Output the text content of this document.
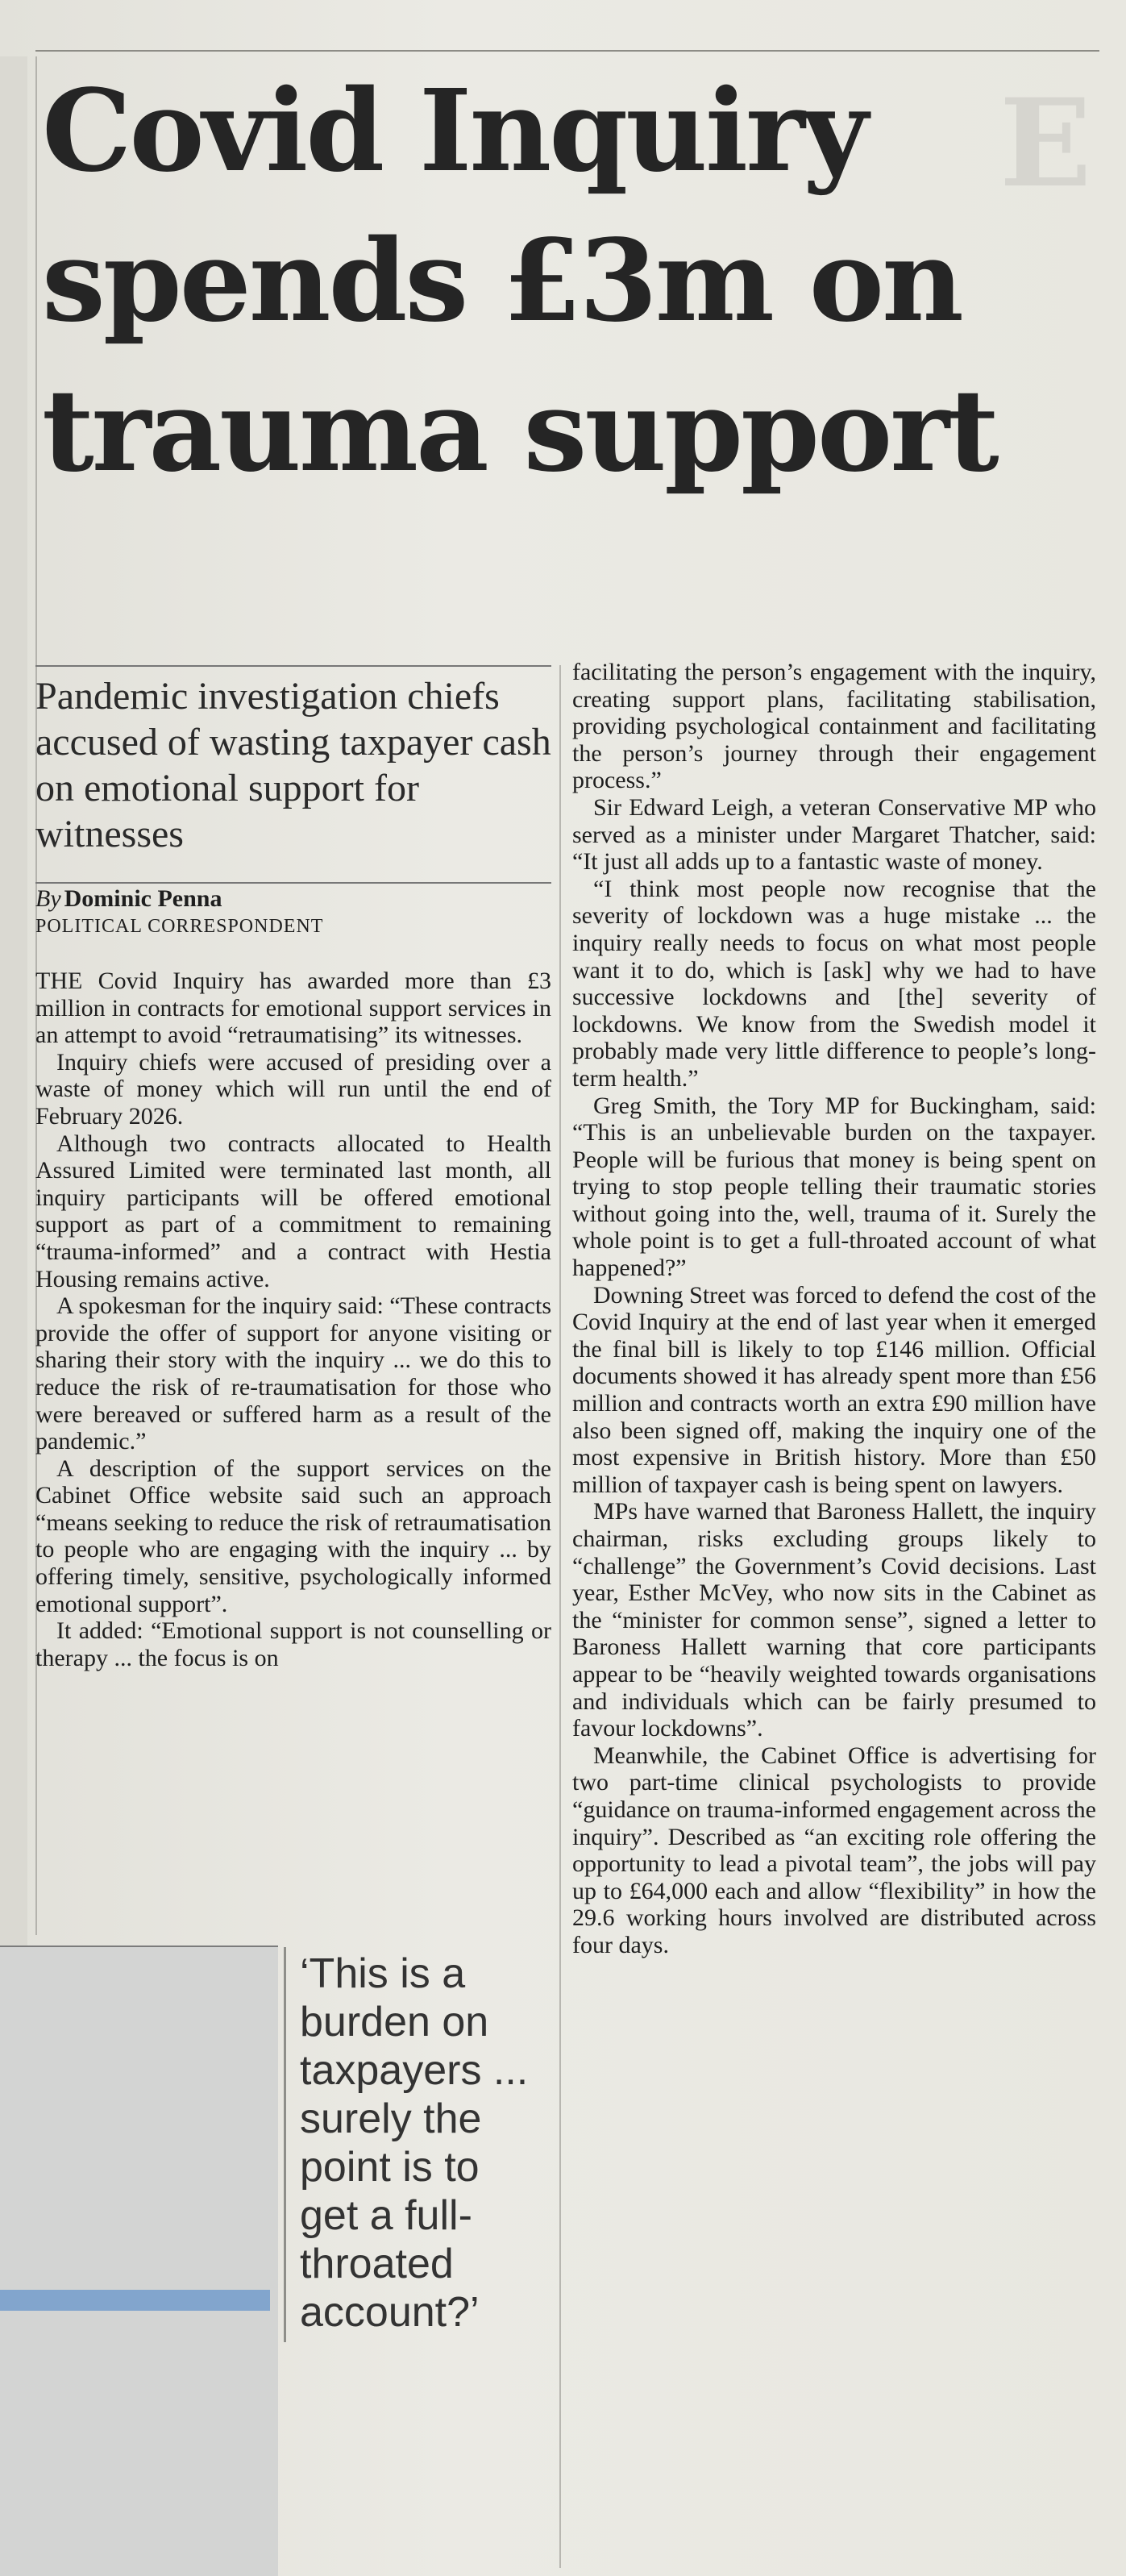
E
Covid Inquiry
spends £3m on
trauma support
Pandemic investigation chiefs accused of wasting taxpayer cash on emotional support for witnesses
By Dominic Penna
POLITICAL CORRESPONDENT

THE Covid Inquiry has awarded more than £3 million in contracts for emotional support services in an attempt to avoid “retraumatising” its witnesses.

Inquiry chiefs were accused of presiding over a waste of money which will run until the end of February 2026.

Although two contracts allocated to Health Assured Limited were terminated last month, all inquiry participants will be offered emotional support as part of a commitment to remaining “trauma-informed” and a contract with Hestia Housing remains active.

A spokesman for the inquiry said: “These contracts provide the offer of support for anyone visiting or sharing their story with the inquiry ... we do this to reduce the risk of re-traumatisation for those who were bereaved or suffered harm as a result of the pandemic.”

A description of the support services on the Cabinet Office website said such an approach “means seeking to reduce the risk of retraumatisation to people who are engaging with the inquiry ... by offering timely, sensitive, psychologically informed emotional support”.

It added: “Emotional support is not counselling or therapy ... the focus is on

facilitating the person’s engagement with the inquiry, creating support plans, facilitating stabilisation, providing psychological containment and facilitating the person’s journey through their engagement process.”

Sir Edward Leigh, a veteran Conservative MP who served as a minister under Margaret Thatcher, said: “It just all adds up to a fantastic waste of money.

“I think most people now recognise that the severity of lockdown was a huge mistake ... the inquiry really needs to focus on what most people want it to do, which is [ask] why we had to have successive lockdowns and [the] severity of lockdowns. We know from the Swedish model it probably made very little difference to people’s long-term health.”

Greg Smith, the Tory MP for Buckingham, said: “This is an unbelievable burden on the taxpayer. People will be furious that money is being spent on trying to stop people telling their traumatic stories without going into the, well, trauma of it. Surely the whole point is to get a full-throated account of what happened?”

Downing Street was forced to defend the cost of the Covid Inquiry at the end of last year when it emerged the final bill is likely to top £146 million. Official documents showed it has already spent more than £56 million and contracts worth an extra £90 million have also been signed off, making the inquiry one of the most expensive in British history. More than £50 million of taxpayer cash is being spent on lawyers.

MPs have warned that Baroness Hallett, the inquiry chairman, risks excluding groups likely to “challenge” the Government’s Covid decisions. Last year, Esther McVey, who now sits in the Cabinet as the “minister for common sense”, signed a letter to Baroness Hallett warning that core participants appear to be “heavily weighted towards organisations and individuals which can be fairly presumed to favour lockdowns”.

Meanwhile, the Cabinet Office is advertising for two part-time clinical psychologists to provide “guidance on trauma-informed engagement across the inquiry”. Described as “an exciting role offering the opportunity to lead a pivotal team”, the jobs will pay up to £64,000 each and allow “flexibility” in how the 29.6 working hours involved are distributed across four days.

‘This is a burden on taxpayers ... surely the point is to get a full-throated account?’
